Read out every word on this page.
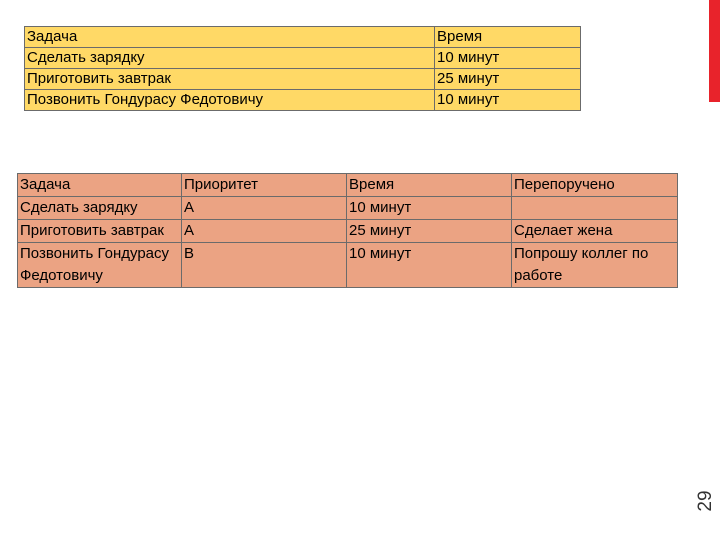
29
Задача	Время
Сделать зарядку	10 минут
Приготовить завтрак	25 минут
Позвонить Гондурасу Федотовичу	10 минут
Задача	Приоритет	Время	Перепоручено
Сделать зарядку	А	10 минут	
Приготовить завтрак	А	25 минут	Сделает жена
Позвонить Гондурасу Федотовичу	В	10 минут	Попрошу коллег по работе
